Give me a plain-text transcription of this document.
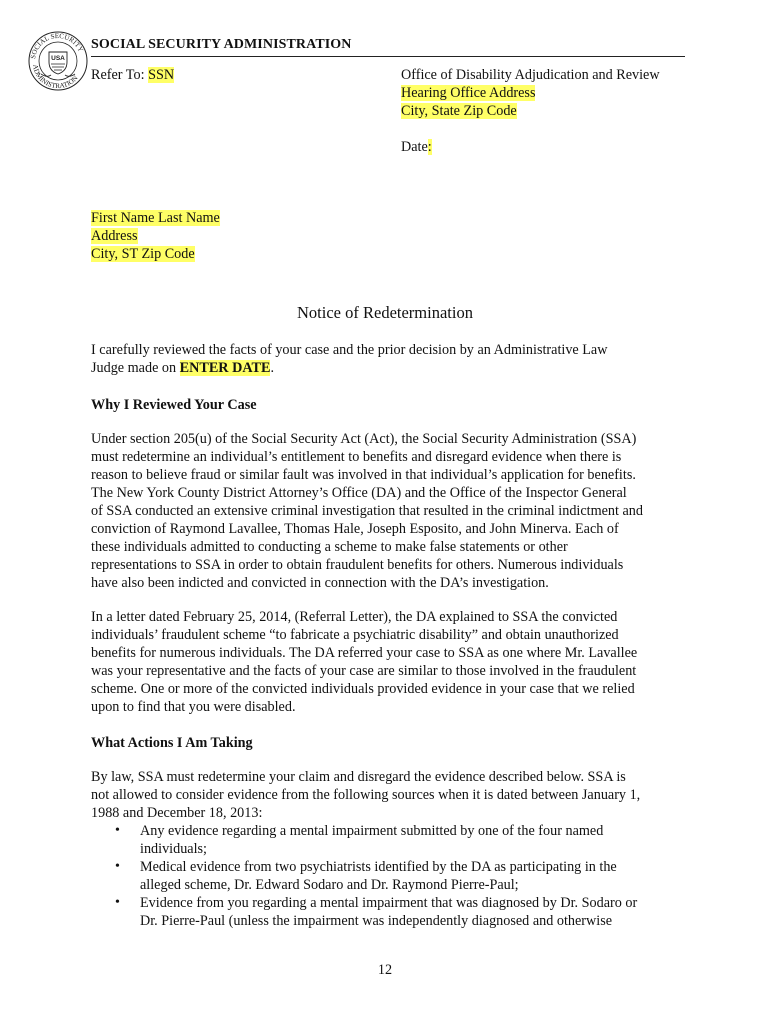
SOCIAL SECURITY
ADMINISTRATION
USA
SOCIAL SECURITY ADMINISTRATION
Refer To: SSN	Office of Disability Adjudication and Review
Hearing Office Address
City, State Zip Code
Date:
First Name Last Name
Address
City, ST Zip Code
Notice of Redetermination
I carefully reviewed the facts of your case and the prior decision by an Administrative Law
Judge made on ENTER DATE.
Why I Reviewed Your Case
Under section 205(u) of the Social Security Act (Act), the Social Security Administration (SSA)
must redetermine an individual’s entitlement to benefits and disregard evidence when there is
reason to believe fraud or similar fault was involved in that individual’s application for benefits.
The New York County District Attorney’s Office (DA) and the Office of the Inspector General
of SSA conducted an extensive criminal investigation that resulted in the criminal indictment and
conviction of Raymond Lavallee, Thomas Hale, Joseph Esposito, and John Minerva. Each of
these individuals admitted to conducting a scheme to make false statements or other
representations to SSA in order to obtain fraudulent benefits for others. Numerous individuals
have also been indicted and convicted in connection with the DA’s investigation.
In a letter dated February 25, 2014, (Referral Letter), the DA explained to SSA the convicted
individuals’ fraudulent scheme “to fabricate a psychiatric disability” and obtain unauthorized
benefits for numerous individuals. The DA referred your case to SSA as one where Mr. Lavallee
was your representative and the facts of your case are similar to those involved in the fraudulent
scheme. One or more of the convicted individuals provided evidence in your case that we relied
upon to find that you were disabled.
What Actions I Am Taking
By law, SSA must redetermine your claim and disregard the evidence described below. SSA is
not allowed to consider evidence from the following sources when it is dated between January 1,
1988 and December 18, 2013:
• Any evidence regarding a mental impairment submitted by one of the four named
individuals;
• Medical evidence from two psychiatrists identified by the DA as participating in the
alleged scheme, Dr. Edward Sodaro and Dr. Raymond Pierre-Paul;
• Evidence from you regarding a mental impairment that was diagnosed by Dr. Sodaro or
Dr. Pierre-Paul (unless the impairment was independently diagnosed and otherwise
12
